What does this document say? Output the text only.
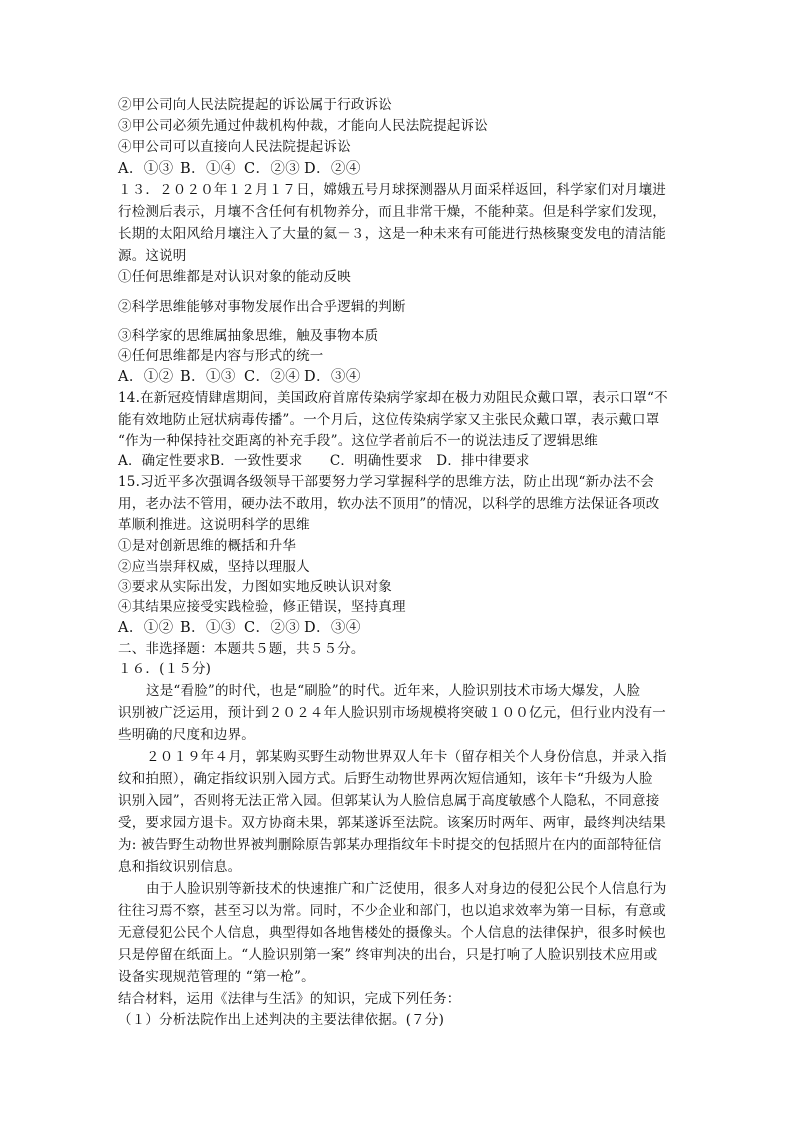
②甲公司向人民法院提起的诉讼属于行政诉讼
③甲公司必须先通过仲裁机构仲裁，才能向人民法院提起诉讼
④甲公司可以直接向人民法院提起诉讼
A．①③ B．①④ C．②③ D．②④
１３．２０２０年１２月１７日，嫦娥五号月球探测器从月面采样返回，科学家们对月壤进
行检测后表示，月壤不含任何有机物养分，而且非常干燥，不能种菜。但是科学家们发现，
长期的太阳风给月壤注入了大量的氦－３，这是一种未来有可能进行热核聚变发电的清洁能
源。这说明
①任何思维都是对认识对象的能动反映
②科学思维能够对事物发展作出合乎逻辑的判断
③科学家的思维属抽象思维，触及事物本质
④任何思维都是内容与形式的统一
A．①② B．①③ C．②④ D．③④
14.在新冠疫情肆虐期间，美国政府首席传染病学家却在极力劝阻民众戴口罩，表示口罩“不
能有效地防止冠状病毒传播”。一个月后，这位传染病学家又主张民众戴口罩，表示戴口罩
“作为一种保持社交距离的补充手段”。这位学者前后不一的说法违反了逻辑思维
A．确定性要求B．一致性要求　　C．明确性要求　D．排中律要求
15.习近平多次强调各级领导干部要努力学习掌握科学的思维方法，防止出现“新办法不会
用，老办法不管用，硬办法不敢用，软办法不顶用”的情况，以科学的思维方法保证各项改
革顺利推进。这说明科学的思维
①是对创新思维的概括和升华
②应当崇拜权威，坚持以理服人
③要求从实际出发，力图如实地反映认识对象
④其结果应接受实践检验，修正错误，坚持真理
A．①② B．①③ C．②③ D．③④
二、非选择题：本题共５题，共５５分。
１６．(１５分)
这是“看脸”的时代，也是“刷脸”的时代。近年来，人脸识别技术市场大爆发，人脸
识别被广泛运用，预计到２０２４年人脸识别市场规模将突破１００亿元，但行业内没有一
些明确的尺度和边界。
２０１９年４月，郭某购买野生动物世界双人年卡（留存相关个人身份信息，并录入指
纹和拍照），确定指纹识别入园方式。后野生动物世界两次短信通知，该年卡“升级为人脸
识别入园”，否则将无法正常入园。但郭某认为人脸信息属于高度敏感个人隐私，不同意接
受，要求园方退卡。双方协商未果，郭某遂诉至法院。该案历时两年、两审，最终判决结果
为: 被告野生动物世界被判删除原告郭某办理指纹年卡时提交的包括照片在内的面部特征信
息和指纹识别信息。
由于人脸识别等新技术的快速推广和广泛使用，很多人对身边的侵犯公民个人信息行为
往往习焉不察，甚至习以为常。同时，不少企业和部门，也以追求效率为第一目标，有意或
无意侵犯公民个人信息，典型得如各地售楼处的摄像头。个人信息的法律保护，很多时候也
只是停留在纸面上。“人脸识别第一案” 终审判决的出台，只是打响了人脸识别技术应用或
设备实现规范管理的 “第一枪”。
结合材料，运用《法律与生活》的知识，完成下列任务：
（１）分析法院作出上述判决的主要法律依据。(７分)
